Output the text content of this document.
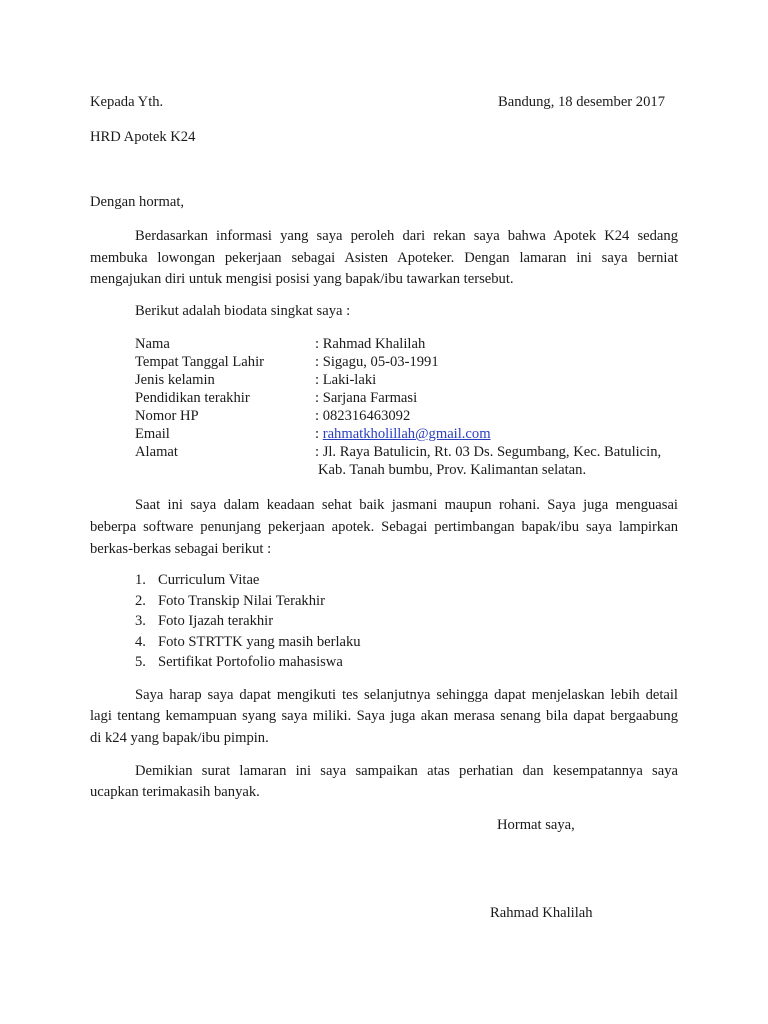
Kepada Yth.	Bandung, 18 desember 2017
HRD Apotek K24
Dengan hormat,
Berdasarkan informasi yang saya peroleh dari rekan saya bahwa Apotek K24 sedang
membuka lowongan pekerjaan sebagai Asisten Apoteker. Dengan lamaran ini saya berniat
mengajukan diri untuk mengisi posisi yang bapak/ibu tawarkan tersebut.
Berikut adalah biodata singkat saya :
Nama	: Rahmad Khalilah
Tempat Tanggal Lahir	: Sigagu, 05-03-1991
Jenis kelamin	: Laki-laki
Pendidikan terakhir	: Sarjana Farmasi
Nomor HP	: 082316463092
Email	: rahmatkholillah@gmail.com
Alamat	: Jl. Raya Batulicin, Rt. 03 Ds. Segumbang, Kec. Batulicin,
Kab. Tanah bumbu, Prov. Kalimantan selatan.
Saat ini saya dalam keadaan sehat baik jasmani maupun rohani. Saya juga menguasai
beberpa software penunjang pekerjaan apotek. Sebagai pertimbangan bapak/ibu saya lampirkan
berkas-berkas sebagai berikut :
1. Curriculum Vitae
2. Foto Transkip Nilai Terakhir
3. Foto Ijazah terakhir
4. Foto STRTTK yang masih berlaku
5. Sertifikat Portofolio mahasiswa
Saya harap saya dapat mengikuti tes selanjutnya sehingga dapat menjelaskan lebih detail
lagi tentang kemampuan syang saya miliki. Saya juga akan merasa senang bila dapat bergaabung
di k24 yang bapak/ibu pimpin.
Demikian surat lamaran ini saya sampaikan atas perhatian dan kesempatannya saya
ucapkan terimakasih banyak.
Hormat saya,
Rahmad Khalilah
